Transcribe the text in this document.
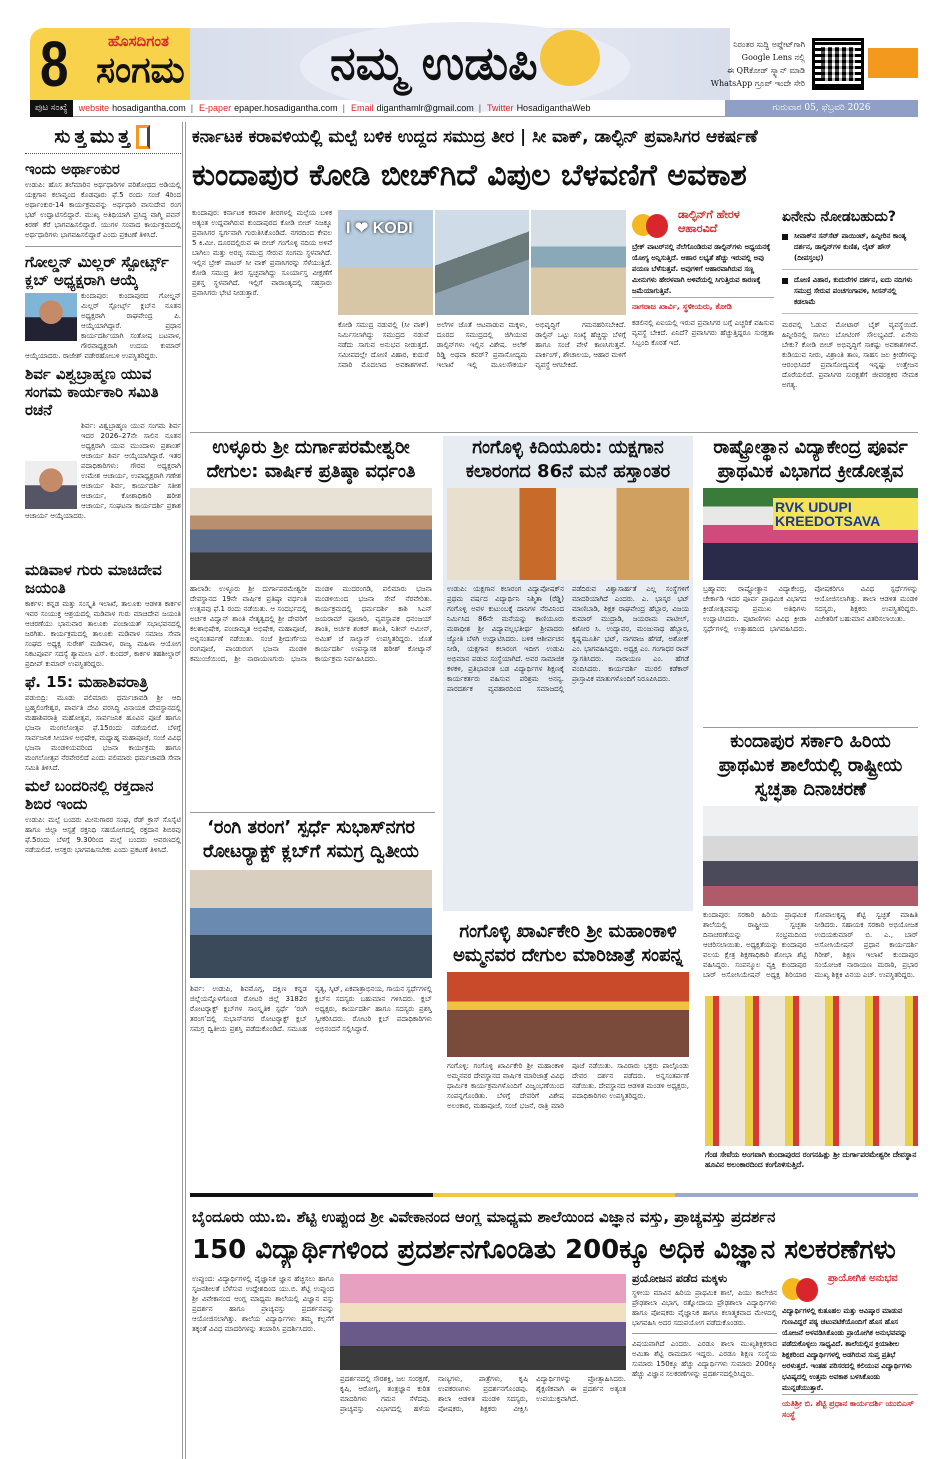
8	ಹೊಸದಿಗಂತ
ಸಂಗಮ	ನಮ್ಮ ಉಡುಪಿ	ನಿರಂತರ ಸುದ್ದಿ ಅಪ್ಡೇಟ್‌ಗಾಗಿ
Google Lens ನಲ್ಲಿ
ಈ QRಕೋಡ್ ಸ್ಕ್ಯಾನ್ ಮಾಡಿ
WhatsApp ಗ್ರೂಪ್ ಇಂದೇ ಸೇರಿ
ಪುಟ ಸಂಖ್ಯೆ	website hosadigantha.com | E-paper epaper.hosadigantha.com | Email diganthamlr@gmail.com | Twitter HosadiganthaWeb	ಗುರುವಾರ 05, ಫೆಬ್ರವರಿ 2026
ಸುತ್ತಮುತ್ತ
ಇಂದು ಅರ್ಥಾಂಕುರ
ಉಡುಪಿ: ಹೊಸ ತಲೆಮಾರಿನ ಅರ್ಥಧಾರಿಗಳ ಪರಿಶೋಧದ ಅಡಿಯಲ್ಲಿ ಯಕ್ಷಗಾನ ಕಲಾವೃಂದ ಕೊಡವೂರು ಫೆ.5 ರಂದು ಸಂಜೆ 4ರಿಂದ ಅರ್ಥಾಂಕುರ-14 ಕಾರ್ಯಕ್ರಮವನ್ನು ಅರ್ಥಧಾರಿ ವಾಸುದೇವ ರಂಗ ಭಟ್ ಉದ್ಘಾಟಿಸಲಿದ್ದಾರೆ. ಮುಖ್ಯ ಅತಿಥಿಯಾಗಿ ಪ್ರಸಿದ್ಧ ವಾಗ್ಮಿ ಪವನ್ ಕಿರಣ್ ಕೆರೆ ಭಾಗವಹಿಸಲಿದ್ದಾರೆ. ಯುಗಳ ಸಂವಾದ ಕಾರ್ಯಕ್ರಮದಲ್ಲಿ ಅರ್ಥಧಾರಿಗಳು ಭಾಗವಹಿಸಲಿದ್ದಾರೆ ಎಂದು ಪ್ರಕಟಣೆ ತಿಳಿಸಿದೆ.
ಗೋಲ್ಡನ್ ಮಿಲ್ಲರ್ ಸ್ಪೋರ್ಟ್ಸ್ ಕ್ಲಬ್ ಅಧ್ಯಕ್ಷರಾಗಿ ಆಯ್ಕೆ
ಕುಂದಾಪುರ: ಕುಂದಾಪುರದ ಗೋಲ್ಡನ್ ಮಿಲ್ಲರ್ ಸ್ಪೋರ್ಟ್ಸ್ ಕ್ಲಬ್‌ನ ನೂತನ ಅಧ್ಯಕ್ಷರಾಗಿ ರಾಘವೇಂದ್ರ ಪಿ. ಆಯ್ಕೆಯಾಗಿದ್ದಾರೆ. ಪ್ರಧಾನ ಕಾರ್ಯದರ್ಶಿಯಾಗಿ ಸಂತೋಷ ಬಟವಾಳ, ಗೌರವಾಧ್ಯಕ್ಷರಾಗಿ ಉದಯ ಕುಮಾರ್ ಆಯ್ಕೆಯಾದರು. ರಾಜೇಶ್ ವಡೇರಹೋಬಳಿ ಉಪಸ್ಥಿತರಿದ್ದರು.
ಶಿರ್ವ ವಿಶ್ವಬ್ರಾಹ್ಮಣ ಯುವ ಸಂಗಮ ಕಾರ್ಯಕಾರಿ ಸಮಿತಿ ರಚನೆ
ಶಿರ್ವ: ವಿಶ್ವಬ್ರಾಹ್ಮಣ ಯುವ ಸಂಗಮ ಶಿರ್ವ ಇದರ 2026–27ನೇ ಸಾಲಿನ ನೂತನ ಅಧ್ಯಕ್ಷರಾಗಿ ಯುವ ಮುಂದಾಳು ಪ್ರಶಾಂತ್ ಆಚಾರ್ಯ ಶಿರ್ವ ಆಯ್ಕೆಯಾಗಿದ್ದಾರೆ. ಇತರ ಪದಾಧಿಕಾರಿಗಳು: ಗೌರವ ಅಧ್ಯಕ್ಷರಾಗಿ ಉಮೇಶ ಆಚಾರ್ಯ, ಉಪಾಧ್ಯಕ್ಷರಾಗಿ ಗಣೇಶ ಆಚಾರ್ಯ ಶಿರ್ವ, ಕಾರ್ಯದರ್ಶಿ ಸತೀಶ ಆಚಾರ್ಯ, ಕೋಶಾಧಿಕಾರಿ ಹರೀಶ ಆಚಾರ್ಯ, ಸಂಘಟನಾ ಕಾರ್ಯದರ್ಶಿ ಪ್ರಕಾಶ ಆಚಾರ್ಯ ಆಯ್ಕೆಯಾದರು.
ಮಡಿವಾಳ ಗುರು ಮಾಚಿದೇವ ಜಯಂತಿ
ಕಾರ್ಕಳ: ಕನ್ನಡ ಮತ್ತು ಸಂಸ್ಕೃತಿ ಇಲಾಖೆ, ತಾಲೂಕು ಆಡಳಿತ ಕಾರ್ಕಳ ಇವರ ಸಂಯುಕ್ತ ಆಶ್ರಯದಲ್ಲಿ ಮಡಿವಾಳ ಗುರು ಮಾಚಿದೇವ ಜಯಂತಿ ಆಚರಣೆಯು ಭಾನುವಾರ ತಾಲೂಕು ಪಂಚಾಯತ್ ಸಭಾಭವನದಲ್ಲಿ ಜರಗಿತು. ಕಾರ್ಯಕ್ರಮದಲ್ಲಿ ತಾಲೂಕು ಮಡಿವಾಳ ಸಮಾಜ ಸೇವಾ ಸಂಘದ ಅಧ್ಯಕ್ಷ ಸುರೇಶ್ ಮಡಿವಾಳ, ರಾಜ್ಯ ಮಹಿಳಾ ಆಯೋಗ ನಿಕಟಪೂರ್ವ ಸದಸ್ಯೆ ಶ್ಯಾಮಲಾ ಎಸ್. ಕುಂದರ್, ಕಾರ್ಕಳ ತಹಶೀಲ್ದಾರ್ ಪ್ರದೀಪ್ ಕುಮಾರ್ ಉಪಸ್ಥಿತರಿದ್ದರು.
ಫೆ. 15: ಮಹಾಶಿವರಾತ್ರಿ
ಪಡುಬಿದ್ರಿ: ಮೂಡು ಪಲಿಮಾರು ಧರ್ಮಚಾವಡಿ ಶ್ರೀ ಆದಿ ಬ್ರಹ್ಮಲಿಂಗೇಶ್ವರ, ಪಾರ್ವತಿ ದೇವಿ ವರಸಿದ್ಧಿ ವಿನಾಯಕ ದೇವಸ್ಥಾನದಲ್ಲಿ ಮಹಾಶಿವರಾತ್ರಿ ಮಹೋತ್ಸವ, ಸಾರ್ವಜನಿಕ ಹೂವಿನ ಪೂಜೆ ಹಾಗೂ ಭಜನಾ ಮಂಗಲೋತ್ಸವ ಫೆ.15ರಂದು ನಡೆಯಲಿದೆ. ಬೆಳಗ್ಗೆ ಸಾರ್ವಜನಿಕ ಸೀಯಾಳ ಅಭಿಷೇಕ, ಮಧ್ಯಾಹ್ನ ಮಹಾಪೂಜೆ, ಸಂಜೆ ವಿವಿಧ ಭಜನಾ ಮಂಡಳಿಯವರಿಂದ ಭಜನಾ ಕಾರ್ಯಕ್ರಮ ಹಾಗೂ ಮಂಗಲೋತ್ಸವ ನೆರವೇರಲಿದೆ ಎಂದು ಪಲಿಮಾರು ಧರ್ಮಚಾವಡಿ ಸೇವಾ ಸಮಿತಿ ತಿಳಿಸಿದೆ.
ಮಲೆ ಬಂದರಿನಲ್ಲಿ ರಕ್ತದಾನ ಶಿಬಿರ ಇಂದು
ಉಡುಪಿ: ಮಲ್ಪೆ ಬಂದರು ಮೀನುಗಾರರ ಸಂಘ, ರೆಡ್ ಕ್ರಾಸ್ ಸೊಸೈಟಿ ಹಾಗೂ ಜಿಲ್ಲಾ ಆಸ್ಪತ್ರೆ ರಕ್ತನಿಧಿ ಸಹಯೋಗದಲ್ಲಿ ರಕ್ತದಾನ ಶಿಬಿರವು ಫೆ.5ರಂದು ಬೆಳಗ್ಗೆ 9.30ರಿಂದ ಮಲ್ಪೆ ಬಂದರು ಆವರಣದಲ್ಲಿ ನಡೆಯಲಿದೆ. ಆಸಕ್ತರು ಭಾಗವಹಿಸಬೇಕು ಎಂದು ಪ್ರಕಟಣೆ ತಿಳಿಸಿದೆ.
ಕರ್ನಾಟಕ ಕರಾವಳಿಯಲ್ಲಿ ಮಲ್ಪೆ ಬಳಿಕ ಉದ್ದದ ಸಮುದ್ರ ತೀರ | ಸೀ ವಾಕ್, ಡಾಲ್ಫಿನ್ ಪ್ರವಾಸಿಗರ ಆಕರ್ಷಣೆ
ಕುಂದಾಪುರ ಕೋಡಿ ಬೀಚ್‌ಗಿದೆ ವಿಪುಲ ಬೆಳವಣಿಗೆ ಅವಕಾಶ
ಕುಂದಾಪುರ: ಕರ್ನಾಟಕ ಕರಾವಳಿ ತೀರಗಳಲ್ಲಿ ಮಲ್ಪೆಯ ಬಳಿಕ ಅತ್ಯಂತ ಉದ್ದವಾಗಿರುವ ಕುಂದಾಪುರದ ಕೋಡಿ ಬೀಚ್ ನಿಜಕ್ಕೂ ಪ್ರವಾಸಿಗರ ಸ್ವರ್ಗವಾಗಿ ಗುರುತಿಸಿಕೊಂಡಿದೆ. ನಗರದಿಂದ ಕೇವಲ 5 ಕಿ.ಮೀ. ದೂರದಲ್ಲಿರುವ ಈ ಬೀಚ್ ಗಂಗೊಳ್ಳಿ ನದಿಯ ಅಳಿವೆ ಬಾಗಿಲು ಮತ್ತು ಅರಬ್ಬಿ ಸಮುದ್ರ ಸೇರುವ ಸಂಗಮ ಸ್ಥಳವಾಗಿದೆ. ಇಲ್ಲಿನ ಬ್ರೇಕ್ ವಾಟರ್ ಸೀ ವಾಕ್ ಪ್ರವಾಸಿಗರನ್ನು ಸೆಳೆಯುತ್ತಿದೆ. ಕೋಡಿ ಸಮುದ್ರ ತೀರ ಸ್ವಚ್ಛವಾಗಿದ್ದು ಸೂರ್ಯಾಸ್ತ ವೀಕ್ಷಣೆಗೆ ಪ್ರಶಸ್ತ ಸ್ಥಳವಾಗಿದೆ. ಇಲ್ಲಿಗೆ ವಾರಾಂತ್ಯದಲ್ಲಿ ಸಹಸ್ರಾರು ಪ್ರವಾಸಿಗರು ಭೇಟಿ ನೀಡುತ್ತಾರೆ.
I ❤ KODI
ಕೋಡಿ ಸಮುದ್ರ ನಡುವಲ್ಲಿ (ಸೀ ವಾಕ್) ನಿರ್ಮಿಸಲಾಗಿದ್ದು ಸಮುದ್ರದ ನಡುವೆ ನಡೆದು ಸಾಗುವ ಅನುಭವ ನೀಡುತ್ತದೆ. ಸಮೀಪದಲ್ಲೇ ದೋಣಿ ವಿಹಾರ, ಕುದುರೆ ಸವಾರಿ ಮೊದಲಾದ ಅವಕಾಶಗಳಿವೆ. ಅಲೆಗಳ ಜೊತೆ ಆಟವಾಡುವ ಮಕ್ಕಳು, ದೂರದ ಸಮುದ್ರದಲ್ಲಿ ಜಿಗಿಯುವ ಡಾಲ್ಫಿನ್‌ಗಳು ಇಲ್ಲಿನ ವಿಶೇಷ. ಅಲೆಕ್ ರಿಡ್ಡಿ ಅಥವಾ ಕವರ್? ಪ್ರವಾಸೋದ್ಯಮ ಇಲಾಖೆ ಇಲ್ಲಿ ಮೂಲಸೌಕರ್ಯ ಅಭಿವೃದ್ಧಿಗೆ ಗಮನಹರಿಸಬೇಕಿದೆ. ಡಾಲ್ಫಿನ್ ಒಟ್ಟು ಸಂಖ್ಯೆ ಹೆಚ್ಚಿದ್ದು ಬೆಳಗ್ಗೆ ಹಾಗೂ ಸಂಜೆ ವೇಳೆ ಕಾಣಸಿಗುತ್ತವೆ. ಪಾರ್ಕಿಂಗ್, ಶೌಚಾಲಯ, ಆಹಾರ ಮಳಿಗೆ ವ್ಯವಸ್ಥೆ ಆಗಬೇಕಿದೆ.
ಡಾಲ್ಫಿನ್‌ಗೆ ಹೇರಳ ಆಹಾರವಿದೆ
ಬ್ರೇಕ್ ವಾಟರ್‌ನಲ್ಲಿ ನೆಲೆಗೊಂಡಿರುವ ಡಾಲ್ಫಿನ್‌ಗಳು ಅಧ್ಯಯನಕ್ಕೆ ಯೋಗ್ಯ ಅನ್ನಿಸುತ್ತಿದೆ. ಆಹಾರ ಲಭ್ಯತೆ ಹೆಚ್ಚು ಇರುವಲ್ಲಿ ಅವು ಪಯಣ ಬೆಳೆಸುತ್ತವೆ. ಅವುಗಳಿಗೆ ಆಹಾರವಾಗಿರುವ ಸಣ್ಣ ಮೀನುಗಳು ಹೇರಳವಾಗಿ ಅಳಿವೆಯಲ್ಲಿ ಸಿಗುತ್ತಿರುವ ಕಾರಣಕ್ಕೆ ಜಮೆಯಾಗುತ್ತಿವೆ.
ನಾಗರಾಜ ಖಾರ್ವಿ, ಸ್ಥಳೀಯರು, ಕೋಡಿ
ಕಡಲಿನಲ್ಲಿ ಏಐಯಲ್ಲಿ ಇರುವ ಪ್ರವಾಸಿಗರ ಬಗ್ಗೆ ಎಚ್ಚರಿಕೆ ವಹಿಸುವ ವ್ಯವಸ್ಥೆ ಬೇಕಿದೆ. ಏನಿದೆ? ಪ್ರವಾಸಿಗರು ಹೆಚ್ಚುತ್ತಿದ್ದರೂ ಸುರಕ್ಷತಾ ಸಿಬ್ಬಂದಿ ಕೊರತೆ ಇದೆ.
ಏನೇನು ನೋಡಬಹುದು?
ಸೀವಾಕ್‌ನ ಸನ್‌ಸೆಟ್ ಪಾಯಿಂಟ್, ಹಿನ್ನೀರಿನ ಕಾಂತ್ಯ ದರ್ಶನ, ಡಾಲ್ಫಿನ್‌ಗಳ ಕುಣಿತ, ಲೈಟ್ ಹೌಸ್ (ದೀಪಸ್ತಂಭ)
ದೋಣಿ ವಿಹಾರ, ಕುದುರೆಗಳ ದರ್ಶನ, ಐದು ನದಿಗಳು ಸಮುದ್ರ ಸೇರುವ ಪಂಚಗಂಗಾವಳಿ, ಸೀಸನ್‌ನಲ್ಲಿ ಕಡಲಾಮೆ
ಮರವಲ್ಲಿ ಓಡುವ ಮೋಟಾರ್ ಬೈಕ್ ವ್ಯವಸ್ಥೆಯಿದೆ. ಹಿನ್ನೀರಿನಲ್ಲಿ ಸಾಗಲು ಬೋಟಿಂಗ್ ಸೌಲಭ್ಯವಿದೆ. ಏನೇನು ಬೇಕು? ಕೋಡಿ ಬೀಚ್ ಅಭಿವೃದ್ಧಿಗೆ ಸಾಕಷ್ಟು ಅವಕಾಶಗಳಿವೆ. ಕುಡಿಯುವ ನೀರು, ವಿಶ್ರಾಂತಿ ತಾಣ, ಸಾಹಸ ಜಲ ಕ್ರೀಡೆಗಳನ್ನು ಆರಂಭಿಸಿದರೆ ಪ್ರವಾಸೋದ್ಯಮಕ್ಕೆ ಇನ್ನಷ್ಟು ಉತ್ತೇಜನ ದೊರೆಯಲಿದೆ. ಪ್ರವಾಸಿಗರ ಸುರಕ್ಷತೆಗೆ ಜೀವರಕ್ಷಕರ ನೇಮಕ ಅಗತ್ಯ.
ಉಳ್ಳೂರು ಶ್ರೀ ದುರ್ಗಾಪರಮೇಶ್ವರೀ ದೇಗುಲ: ವಾರ್ಷಿಕ ಪ್ರತಿಷ್ಠಾ ವರ್ಧಂತಿ
ಹಾಲಾಡಿ: ಉಳ್ಳೂರು ಶ್ರೀ ದುರ್ಗಾಪರಮೇಶ್ವರೀ ದೇವಸ್ಥಾನದ 19ನೇ ವಾರ್ಷಿಕ ಪ್ರತಿಷ್ಠಾ ವರ್ಧಂತಿ ಉತ್ಸವವು ಫೆ.1 ರಂದು ನಡೆಯಿತು. ಆ ಸಂದರ್ಭದಲ್ಲಿ ಅರ್ಚಕ ವಿದ್ವಾನ್ ಶಾಂತಿ ನೇತೃತ್ವದಲ್ಲಿ ಶ್ರೀ ದೇವರಿಗೆ ಕಲಶಾಭಿಷೇಕ, ಪಂಚಾಮೃತ ಅಭಿಷೇಕ, ಮಹಾಪೂಜೆ, ಅನ್ನಸಂತರ್ಪಣೆ ನಡೆಯಿತು. ಸಂಜೆ ಶ್ರೀದುರ್ಗೆಯ ರಂಗಪೂಜೆ, ಪಾಂಡುರಂಗ ಭಜನಾ ಮಂಡಳಿ ಕಮುಂಜೆಯಿಂದ, ಶ್ರೀ ನಾರಾಯಣಗುರು ಭಜನಾ ಮಂಡಳಿ ಮುದರಂಗಡಿ, ಪಲಿಮಾರು ಭಜನಾ ಮಂಡಳಿಯಿಂದ ಭಜನಾ ಸೇವೆ ನೆರವೇರಿತು. ಕಾರ್ಯಕ್ರಮದಲ್ಲಿ ಧರ್ಮದರ್ಶಿ ಕಾಶಿ ಸಿಎನ್ ಜಯರಾಮ್ ಪೂಜಾರಿ, ವ್ಯವಸ್ಥಾಪಕ ಧನಂಜಯ್ ಶಾಂತಿ, ಅರ್ಚಕ ಶಂಕರ್ ಶಾಂತಿ, ನಿತೀನ್ ಅಮೀನ್, ಅಮಿತ್ ಜೆ ಸಾಲ್ಯಾನ್ ಉಪಸ್ಥಿತರಿದ್ದರು. ಜೊತೆ ಕಾರ್ಯದರ್ಶಿ ಉಪನ್ಯಾಸಕ ಹರೀಶ್ ಕೋಟ್ಯಾನ್ ಕಾರ್ಯಕ್ರಮ ನಿರ್ವಹಿಸಿದರು.
ಗಂಗೊಳ್ಳಿ ಕಿದಿಯೂರು: ಯಕ್ಷಗಾನ ಕಲಾರಂಗದ 86ನೆ ಮನೆ ಹಸ್ತಾಂತರ
ಉಡುಪಿ: ಯಕ್ಷಗಾನ ಕಲಾರಂಗ ವಿದ್ಯಾಪೋಷಕ್‌ನ ಪ್ರಥಮ ವರ್ಷದ ವಿದ್ಯಾರ್ಥಿನಿ ನಿಶ್ಮಿತಾ (ರೆಡ್ಡಿ) ಗಂಗೊಳ್ಳಿ ಅವಳ ಕುಟುಂಬಕ್ಕೆ ದಾನಿಗಳ ನೆರವಿನಿಂದ ನಿರ್ಮಿಸಿದ 86ನೇ ಮನೆಯನ್ನು ಕಾಣಿಯೂರು ಮಠಾಧೀಶ ಶ್ರೀ ವಿದ್ಯಾವಲ್ಲಭತೀರ್ಥ ಶ್ರೀಪಾದರು ಜ್ಯೋತಿ ಬೆಳಗಿ ಉದ್ಘಾಟಿಸಿದರು. ಬಳಿಕ ಆಶೀರ್ವಚನ ನೀಡಿ, ಯಕ್ಷಗಾನ ಕಲಾರಂಗ ಇದೀಗ ಉಡುಪಿ ಅಭಿಮಾನ ಪಡುವ ಸಂಸ್ಥೆಯಾಗಿದೆ. ಅವರ ಸಾಮಾಜಿಕ ಕಳಕಳಿ, ಪ್ರತಿಭಾವಂತ ಬಡ ವಿದ್ಯಾರ್ಥಿಗಳ ಶಿಕ್ಷಣಕ್ಕೆ ಕಾರ್ಯಕರ್ತರು ವಹಿಸುವ ಪರಿಶ್ರಮ ಅನನ್ಯ. ಪಾರದರ್ಶಕ ವ್ಯವಹಾರದಿಂದ ಸಮಾಜದಲ್ಲಿ ಪಡೆದಿರುವ ವಿಶ್ವಾಸಾರ್ಹತೆ ಎಲ್ಲ ಸಂಸ್ಥೆಗಳಿಗೆ ಮಾದರಿಯಾಗಿದೆ ಎಂದರು. ಎ. ಭಾಸ್ಕರ ಭಟ್ ಮಾಣಿಬಾಡಿ, ಶಿಕ್ಷಕ ರಾಘವೇಂದ್ರ ಹೆಬ್ಬಾರ, ವಿಜಯ ಕುಮಾರ್ ಮುದ್ರಾಡಿ, ಜಯರಾಮ ಪಾಟೀಲ್, ಕಿಶೋರ ಸಿ. ಉದ್ಯಾವರ, ಮಂಜುನಾಥ ಹೆಬ್ಬಾರ, ಕೃಷ್ಣಮೂರ್ತಿ ಭಟ್, ನಾಗರಾಜ ಹೆಗಡೆ, ಅಶೋಕ್ ಎಂ. ಭಾಗವಹಿಸಿದ್ದರು. ಅಧ್ಯಕ್ಷ ಎಂ. ಗಂಗಾಧರ ರಾವ್ ಸ್ವಾಗತಿಸಿದರು. ನಾರಾಯಣ ಎಂ. ಹೆಗಡೆ ವಂದಿಸಿದರು. ಕಾರ್ಯದರ್ಶಿ ಮುರಲಿ ಕಡೆಕಾರ್ ಪ್ರಾಸ್ತಾವಿಕ ಮಾತುಗಳೊಂದಿಗೆ ನಿರೂಪಿಸಿದರು.
ರಾಷ್ಟ್ರೋತ್ಥಾನ ವಿದ್ಯಾಕೇಂದ್ರ ಪೂರ್ವ ಪ್ರಾಥಮಿಕ ವಿಭಾಗದ ಕ್ರೀಡೋತ್ಸವ
RVK UDUPI KREEDOTSAVA
ಬ್ರಹ್ಮಾವರ: ರಾಷ್ಟ್ರೋತ್ಥಾನ ವಿದ್ಯಾಕೇಂದ್ರ, ಚೇರ್ಕಾಡಿ ಇದರ ಪೂರ್ವ ಪ್ರಾಥಮಿಕ ವಿಭಾಗದ ಕ್ರೀಡೋತ್ಸವವನ್ನು ಪ್ರಮುಖ ಅತಿಥಿಗಳು ಉದ್ಘಾಟಿಸಿದರು. ಪುಟಾಣಿಗಳು ವಿವಿಧ ಕ್ರೀಡಾ ಸ್ಪರ್ಧೆಗಳಲ್ಲಿ ಉತ್ಸಾಹದಿಂದ ಭಾಗವಹಿಸಿದರು. ಪೋಷಕರಿಗೂ ವಿವಿಧ ಸ್ಪರ್ಧೆಗಳನ್ನು ಆಯೋಜಿಸಲಾಗಿತ್ತು. ಶಾಲಾ ಆಡಳಿತ ಮಂಡಳಿ ಸದಸ್ಯರು, ಶಿಕ್ಷಕರು ಉಪಸ್ಥಿತರಿದ್ದರು. ವಿಜೇತರಿಗೆ ಬಹುಮಾನ ವಿತರಿಸಲಾಯಿತು.
‘ರಂಗಿ ತರಂಗ’ ಸ್ಪರ್ಧೆ ಸುಭಾಸ್‌ನಗರ ರೋಟರ್‍ಯಾಕ್ಟ್ ಕ್ಲಬ್‌ಗೆ ಸಮಗ್ರ ದ್ವಿತೀಯ
ಶಿರ್ವ: ಉಡುಪಿ, ಶಿವಮೊಗ್ಗ, ದಕ್ಷಿಣ ಕನ್ನಡ ಜಿಲ್ಲೆಯನ್ನೊಳಗೊಂಡ ರೋಟರಿ ಜಿಲ್ಲೆ 3182ರ ರೋಟರ್‍ಯಾಕ್ಟ್ ಕ್ಲಬ್‌ಗಳ ಸಾಂಸ್ಕೃತಿಕ ಸ್ಪರ್ಧೆ ‘ರಂಗಿ ತರಂಗ’ದಲ್ಲಿ ಸುಭಾಸ್‌ನಗರ ರೋಟರ್‍ಯಾಕ್ಟ್ ಕ್ಲಬ್ ಸಮಗ್ರ ದ್ವಿತೀಯ ಪ್ರಶಸ್ತಿ ಪಡೆದುಕೊಂಡಿದೆ. ಸಮೂಹ ನೃತ್ಯ, ಸ್ಕಿಟ್, ಏಕಪಾತ್ರಾಭಿನಯ, ಗಾಯನ ಸ್ಪರ್ಧೆಗಳಲ್ಲಿ ಕ್ಲಬ್‌ನ ಸದಸ್ಯರು ಬಹುಮಾನ ಗಳಿಸಿದರು. ಕ್ಲಬ್ ಅಧ್ಯಕ್ಷರು, ಕಾರ್ಯದರ್ಶಿ ಹಾಗೂ ಸದಸ್ಯರು ಪ್ರಶಸ್ತಿ ಸ್ವೀಕರಿಸಿದರು. ರೋಟರಿ ಕ್ಲಬ್ ಪದಾಧಿಕಾರಿಗಳು ಅಭಿನಂದನೆ ಸಲ್ಲಿಸಿದ್ದಾರೆ.
ಗಂಗೊಳ್ಳಿ ಖಾರ್ವಿಕೇರಿ ಶ್ರೀ ಮಹಾಂಕಾಳಿ ಅಮ್ಮನವರ ದೇಗುಲ ಮಾರಿಜಾತ್ರೆ ಸಂಪನ್ನ
ಗಂಗೊಳ್ಳಿ: ಗಂಗೊಳ್ಳಿ ಖಾರ್ವಿಕೇರಿ ಶ್ರೀ ಮಹಾಂಕಾಳಿ ಅಮ್ಮನವರ ದೇವಸ್ಥಾನದ ವಾರ್ಷಿಕ ಮಾರಿಜಾತ್ರೆ ವಿವಿಧ ಧಾರ್ಮಿಕ ಕಾರ್ಯಕ್ರಮಗಳೊಂದಿಗೆ ವಿಜೃಂಭಣೆಯಿಂದ ಸಂಪನ್ನಗೊಂಡಿತು. ಬೆಳಗ್ಗೆ ದೇವರಿಗೆ ವಿಶೇಷ ಅಲಂಕಾರ, ಮಹಾಪೂಜೆ, ಸಂಜೆ ಭಜನೆ, ರಾತ್ರಿ ಮಾರಿ ಪೂಜೆ ನಡೆಯಿತು. ಸಾವಿರಾರು ಭಕ್ತರು ಪಾಲ್ಗೊಂಡು ದೇವರ ದರ್ಶನ ಪಡೆದರು. ಅನ್ನಸಂತರ್ಪಣೆ ನಡೆಯಿತು. ದೇವಸ್ಥಾನದ ಆಡಳಿತ ಮಂಡಳಿ ಅಧ್ಯಕ್ಷರು, ಪದಾಧಿಕಾರಿಗಳು ಉಪಸ್ಥಿತರಿದ್ದರು.
ಕುಂದಾಪುರ ಸರ್ಕಾರಿ ಹಿರಿಯ ಪ್ರಾಥಮಿಕ ಶಾಲೆಯಲ್ಲಿ ರಾಷ್ಟ್ರೀಯ ಸ್ವಚ್ಛತಾ ದಿನಾಚರಣೆ
ಕುಂದಾಪುರ: ಸರಕಾರಿ ಹಿರಿಯ ಪ್ರಾಥಮಿಕ ಶಾಲೆಯಲ್ಲಿ ರಾಷ್ಟ್ರೀಯ ಸ್ವಚ್ಛತಾ ದಿನಾಚರಣೆಯನ್ನು ಸಂಭ್ರಮದಿಂದ ಆಚರಿಸಲಾಯಿತು. ಅಧ್ಯಕ್ಷತೆಯನ್ನು ಕುಂದಾಪುರ ವಲಯ ಕ್ಷೇತ್ರ ಶಿಕ್ಷಣಾಧಿಕಾರಿ ಶೋಭಾ ಶೆಟ್ಟಿ ವಹಿಸಿದ್ದರು. ಸಂಪನ್ಮೂಲ ವ್ಯಕ್ತಿ ಕುಂದಾಪುರ ಬಾರ್ ಅಸೋಸಿಯೇಷನ್ ಅಧ್ಯಕ್ಷ ಶಿರಿಯಾರ ಗೋಪಾಲಕೃಷ್ಣ ಶೆಟ್ಟಿ ಸ್ವಚ್ಛತೆ ಮಾಹಿತಿ ನೀಡಿದರು. ಸಹಾಯಕ ಸರಕಾರಿ ಅಭಿಯೋಜಕ ಉದಯಕುಮಾರ್ ಬಿ. ಎ., ಬಾರ್ ಅಸೋಸಿಯೇಷನ್ ಪ್ರಧಾನ ಕಾರ್ಯದರ್ಶಿ ಗಿರೀಶ್, ಶಿಕ್ಷಣ ಇಲಾಖೆ ಕುಂದಾಪುರ ಸಂಯೋಜಕ ನಾರಾಯಣ ಮರಾಠಿ, ಪ್ರಭಾರ ಮುಖ್ಯ ಶಿಕ್ಷಕಿ ವಿನಯ ಎಚ್. ಉಪಸ್ಥಿತರಿದ್ದರು.
ಗೆಂಡ ಸೇವೆಯ ಅಂಗವಾಗಿ ಕುಂದಾಪುರದ ರಂಗನಹಿತ್ಲು ಶ್ರೀ ದುರ್ಗಾಪರಮೇಶ್ವರೀ ದೇವಸ್ಥಾನ ಹೂವಿನ ಅಲಂಕಾರದಿಂದ ಕಂಗೊಳಿಸುತ್ತಿದೆ.
ಬೈಂದೂರು ಯು.ಬಿ. ಶೆಟ್ಟಿ ಉಪ್ಪುಂದ ಶ್ರೀ ವಿವೇಕಾನಂದ ಆಂಗ್ಲ ಮಾಧ್ಯಮ ಶಾಲೆಯಿಂದ ವಿಜ್ಞಾನ ವಸ್ತು, ಪ್ರಾಚ್ಯವಸ್ತು ಪ್ರದರ್ಶನ
150 ವಿದ್ಯಾರ್ಥಿಗಳಿಂದ ಪ್ರದರ್ಶನಗೊಂಡಿತು 200ಕ್ಕೂ ಅಧಿಕ ವಿಜ್ಞಾನ ಸಲಕರಣೆಗಳು
ಉಪ್ಪುಂದ: ವಿದ್ಯಾರ್ಥಿಗಳಲ್ಲಿ ವೈಜ್ಞಾನಿಕ ಜ್ಞಾನ ಹೆಚ್ಚಿಸಲು ಹಾಗೂ ಸೃಜನಶೀಲತೆ ಬೆಳೆಸುವ ಉದ್ದೇಶದಿಂದ ಯು.ಬಿ. ಶೆಟ್ಟಿ ಉಪ್ಪುಂದ ಶ್ರೀ ವಿವೇಕಾನಂದ ಆಂಗ್ಲ ಮಾಧ್ಯಮ ಶಾಲೆಯಲ್ಲಿ ವಿಜ್ಞಾನ ವಸ್ತು ಪ್ರದರ್ಶನ ಹಾಗೂ ಪ್ರಾಚ್ಯವಸ್ತು ಪ್ರದರ್ಶನವನ್ನು ಆಯೋಜಿಸಲಾಗಿತ್ತು. ಶಾಲೆಯ ವಿದ್ಯಾರ್ಥಿಗಳು ತಮ್ಮ ಕಲ್ಪನೆಗೆ ತಕ್ಕಂತೆ ವಿವಿಧ ಮಾದರಿಗಳನ್ನು ತಯಾರಿಸಿ ಪ್ರದರ್ಶಿಸಿದರು.
ಪ್ರದರ್ಶನದಲ್ಲಿ ಸೌರಶಕ್ತಿ, ಜಲ ಸಂರಕ್ಷಣೆ, ಕೃಷಿ, ಆರೋಗ್ಯ, ತಂತ್ರಜ್ಞಾನ ಕುರಿತ ಮಾದರಿಗಳು ಗಮನ ಸೆಳೆದವು. ಪ್ರಾಚ್ಯವಸ್ತು ವಿಭಾಗದಲ್ಲಿ ಹಳೆಯ ನಾಣ್ಯಗಳು, ಪಾತ್ರೆಗಳು, ಕೃಷಿ ಉಪಕರಣಗಳು ಪ್ರದರ್ಶನಗೊಂಡವು. ಶಾಲಾ ಆಡಳಿತ ಮಂಡಳಿ ಸದಸ್ಯರು, ಪೋಷಕರು, ಶಿಕ್ಷಕರು ವೀಕ್ಷಿಸಿ ವಿದ್ಯಾರ್ಥಿಗಳನ್ನು ಪ್ರೋತ್ಸಾಹಿಸಿದರು. ಶೈಕ್ಷಣಿಕವಾಗಿ ಈ ಪ್ರದರ್ಶನ ಅತ್ಯಂತ ಉಪಯುಕ್ತವಾಗಿದೆ.
ಪ್ರಯೋಜನ ಪಡೆದ ಮಕ್ಕಳು
ಸ್ಥಳೀಯ ಮಾವಿನ ಹಿರಿಯ ಪ್ರಾಥಮಿಕ ಶಾಲೆ, ಪಿಯು ಕಾಲೇಜಿನ ಪ್ರೌಢಶಾಲಾ ವಿಭಾಗ, ರತ್ನೋದಾಯ ಪ್ರೌಢಶಾಲಾ ವಿದ್ಯಾರ್ಥಿಗಳು ಹಾಗೂ ಪೋಷಕರು ವೈಜ್ಞಾನಿಕ ಹಾಗೂ ಕಲಾತ್ಮಕವಾದ ಮೇಳದಲ್ಲಿ ಭಾಗವಹಿಸಿ ಅದರ ಸದುಪಯೋಗ ಪಡೆದುಕೊಂಡರು.
ವಿಷಯವಾಗಿದೆ ಎಂದರು. ಎರಡೂ ಶಾಲಾ ಮುಖ್ಯಶಿಕ್ಷಕರಾದ ಅಮಿತಾ ಶೆಟ್ಟಿ ರಾಮದಾಸ ಇದ್ದರು. ಎರಡೂ ಶಿಕ್ಷಣ ಸಂಸ್ಥೆಯ ಸುಮಾರು 150ಕ್ಕೂ ಹೆಚ್ಚು ವಿದ್ಯಾರ್ಥಿಗಳು ಸುಮಾರು 200ಕ್ಕೂ ಹೆಚ್ಚು ವಿಜ್ಞಾನ ಸಲಕರಣೆಗಳನ್ನು ಪ್ರದರ್ಶನದಲ್ಲಿರಿಸಿದ್ದರು.
ಪ್ರಾಯೋಗಿಕ ಅನುಭವ
ವಿದ್ಯಾರ್ಥಿಗಳಲ್ಲಿ ಕುತೂಹಲ ಮತ್ತು ಆವಿಷ್ಕಾರ ಮಾಡುವ ಗುಣವಿದ್ದರೆ ಪಠ್ಯ ಚಟುವಟಿಕೆಯೊಂದಿಗೆ ಹೊಸ ಹೊಸ ಯೋಜನೆ ಅಳವಡಿಸಿಕೊಂಡು ಪ್ರಾಯೋಗಿಕ ಅನುಭವವನ್ನು ಪಡೆದುಕೊಳ್ಳಲು ಸಾಧ್ಯವಿದೆ. ಶಾಲೆಯಲ್ಲಿನ ಕ್ರಿಯಾಶೀಲ ಶಿಕ್ಷಕರಿಂದ ವಿದ್ಯಾರ್ಥಿಗಳಲ್ಲಿ ಅಡಗಿರುವ ಸುಪ್ತ ಪ್ರತಿಭೆ ಅರಳುತ್ತದೆ. ಇಂತಹ ಪರಿಸರದಲ್ಲಿ ಕಲಿಯುವ ವಿದ್ಯಾರ್ಥಿಗಳು ಭವಿಷ್ಯದಲ್ಲಿ ಉತ್ತಮ ಅವಕಾಶ ಬಳಸಿಕೊಂಡು ಮುನ್ನಡೆಯುತ್ತಾರೆ.
ಯತಿಶ್ರೀ ಬಿ. ಶೆಟ್ಟಿ ಪ್ರಧಾನ ಕಾರ್ಯದರ್ಶಿ ಯುಬಿಎಸ್ ಸಂಸ್ಥೆ
